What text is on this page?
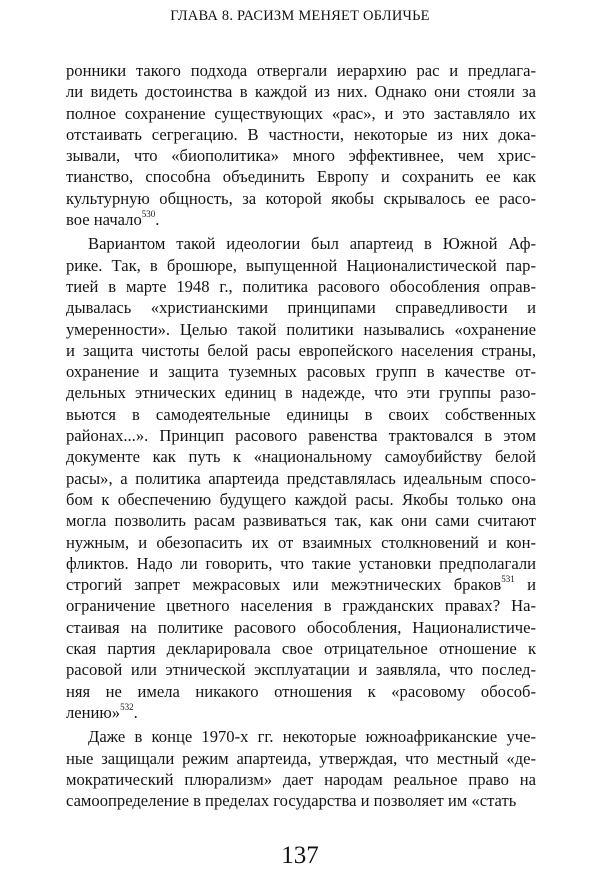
ГЛАВА 8. РАСИЗМ МЕНЯЕТ ОБЛИЧЬЕ
ронники такого подхода отвергали иерархию рас и предлага-
ли видеть достоинства в каждой из них. Однако они стояли за
полное сохранение существующих «рас», и это заставляло их
отстаивать сегрегацию. В частности, некоторые из них дока-
зывали, что «биополитика» много эффективнее, чем хрис-
тианство, способна объединить Европу и сохранить ее как
культурную общность, за которой якобы скрывалось ее расо-
вое начало$^{530}$.
Вариантом такой идеологии был апартеид в Южной Аф-
рике. Так, в брошюре, выпущенной Националистической пар-
тией в марте 1948 г., политика расового обособления оправ-
дывалась «христианскими принципами справедливости и
умеренности». Целью такой политики назывались «охранение
и защита чистоты белой расы европейского населения страны,
охранение и защита туземных расовых групп в качестве от-
дельных этнических единиц в надежде, что эти группы разо-
вьются в самодеятельные единицы в своих собственных
районах...». Принцип расового равенства трактовался в этом
документе как путь к «национальному самоубийству белой
расы», а политика апартеида представлялась идеальным спосо-
бом к обеспечению будущего каждой расы. Якобы только она
могла позволить расам развиваться так, как они сами считают
нужным, и обезопасить их от взаимных столкновений и кон-
фликтов. Надо ли говорить, что такие установки предполагали
строгий запрет межрасовых или межэтнических браков$^{531}$ и
ограничение цветного населения в гражданских правах? На-
стаивая на политике расового обособления, Националистиче-
ская партия декларировала свое отрицательное отношение к
расовой или этнической эксплуатации и заявляла, что послед-
няя не имела никакого отношения к «расовому обособ-
лению»$^{532}$.
Даже в конце 1970-х гг. некоторые южноафриканские уче-
ные защищали режим апартеида, утверждая, что местный «де-
мократический плюрализм» дает народам реальное право на
самоопределение в пределах государства и позволяет им «стать
137
